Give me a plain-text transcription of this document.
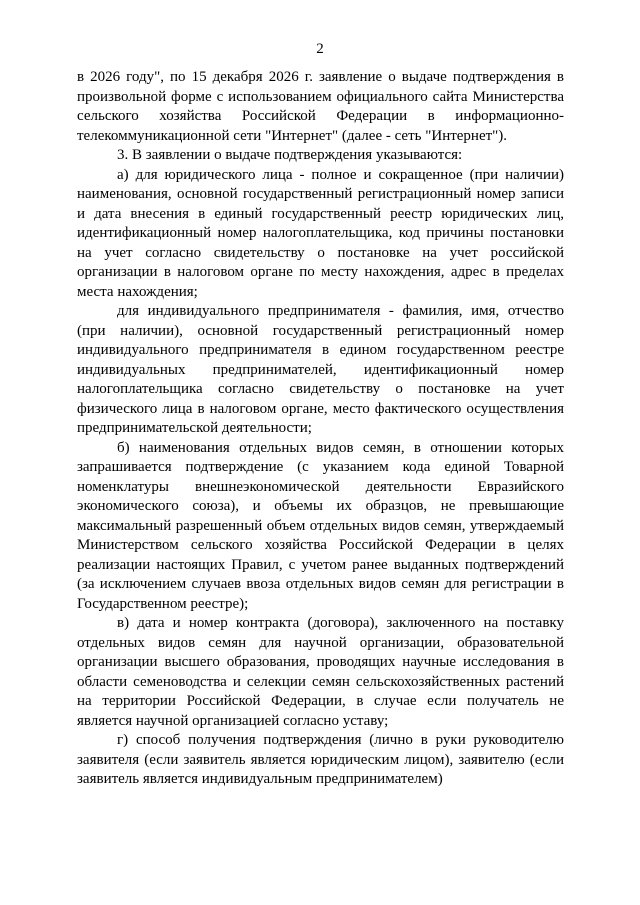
2

в 2026 году", по 15 декабря 2026 г. заявление о выдаче подтверждения в произвольной форме с использованием официального сайта Министерства сельского хозяйства Российской Федерации в информационно-телекоммуникационной сети "Интернет" (далее - сеть "Интернет").

3. В заявлении о выдаче подтверждения указываются:

а) для юридического лица - полное и сокращенное (при наличии) наименования, основной государственный регистрационный номер записи и дата внесения в единый государственный реестр юридических лиц, идентификационный номер налогоплательщика, код причины постановки на учет согласно свидетельству о постановке на учет российской организации в налоговом органе по месту нахождения, адрес в пределах места нахождения;

для индивидуального предпринимателя - фамилия, имя, отчество (при наличии), основной государственный регистрационный номер индивидуального предпринимателя в едином государственном реестре индивидуальных предпринимателей, идентификационный номер налогоплательщика согласно свидетельству о постановке на учет физического лица в налоговом органе, место фактического осуществления предпринимательской деятельности;

б) наименования отдельных видов семян, в отношении которых запрашивается подтверждение (с указанием кода единой Товарной номенклатуры внешнеэкономической деятельности Евразийского экономического союза), и объемы их образцов, не превышающие максимальный разрешенный объем отдельных видов семян, утверждаемый Министерством сельского хозяйства Российской Федерации в целях реализации настоящих Правил, с учетом ранее выданных подтверждений (за исключением случаев ввоза отдельных видов семян для регистрации в Государственном реестре);

в) дата и номер контракта (договора), заключенного на поставку отдельных видов семян для научной организации, образовательной организации высшего образования, проводящих научные исследования в области семеноводства и селекции семян сельскохозяйственных растений на территории Российской Федерации, в случае если получатель не является научной организацией согласно уставу;

г) способ получения подтверждения (лично в руки руководителю заявителя (если заявитель является юридическим лицом), заявителю (если заявитель является индивидуальным предпринимателем)
